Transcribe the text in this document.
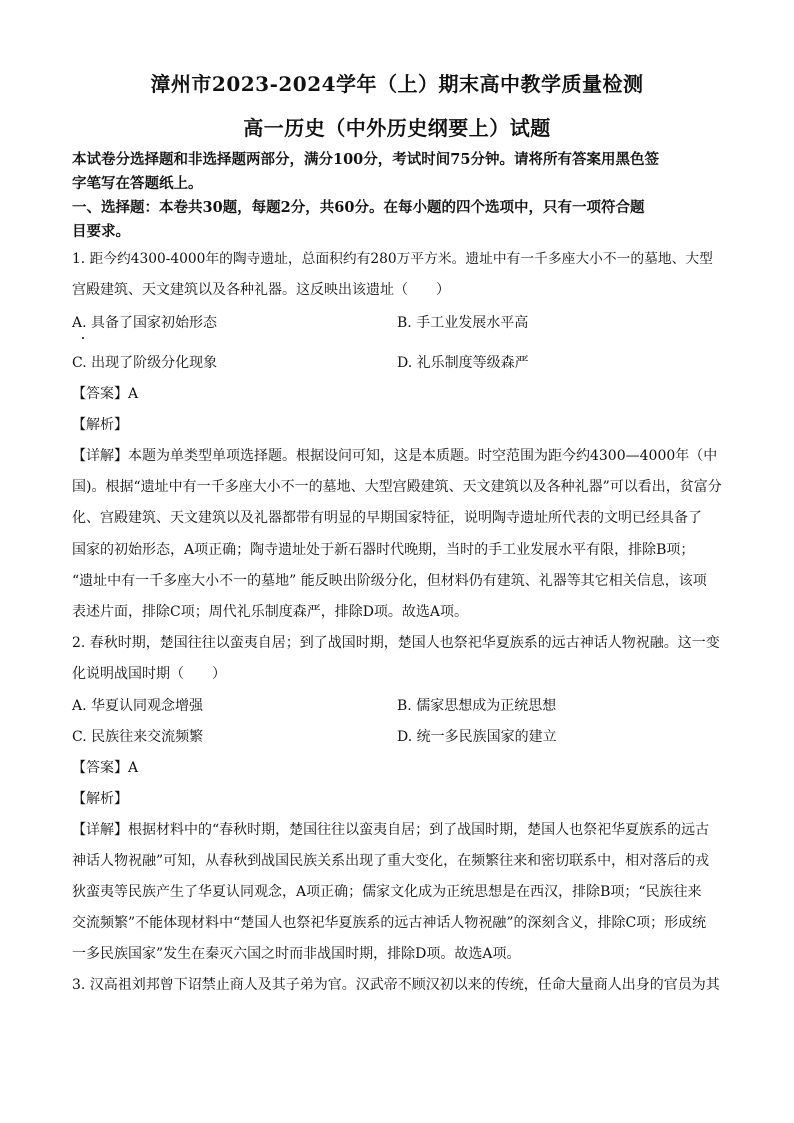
漳州市2023-2024学年（上）期末高中教学质量检测
高一历史（中外历史纲要上）试题
本试卷分选择题和非选择题两部分，满分100分，考试时间75分钟。请将所有答案用黑色签
字笔写在答题纸上。
一、选择题：本卷共30题，每题2分，共60分。在每小题的四个选项中，只有一项符合题
目要求。
1. 距今约4300-4000年的陶寺遗址，总面积约有280万平方米。遗址中有一千多座大小不一的墓地、大型
宫殿建筑、天文建筑以及各种礼器。这反映出该遗址（　　）
A. 具备了国家初始形态	B. 手工业发展水平高
C. 出现了阶级分化现象	D. 礼乐制度等级森严
【答案】A
【解析】
【详解】本题为单类型单项选择题。根据设问可知，这是本质题。时空范围为距今约4300—4000年（中
国)。根据“遗址中有一千多座大小不一的墓地、大型宫殿建筑、天文建筑以及各种礼器”可以看出，贫富分
化、宫殿建筑、天文建筑以及礼器都带有明显的早期国家特征，说明陶寺遗址所代表的文明已经具备了
国家的初始形态，A项正确；陶寺遗址处于新石器时代晚期，当时的手工业发展水平有限，排除B项；
“遗址中有一千多座大小不一的墓地” 能反映出阶级分化，但材料仍有建筑、礼器等其它相关信息，该项
表述片面，排除C项；周代礼乐制度森严，排除D项。故选A项。
2. 春秋时期，楚国往往以蛮夷自居；到了战国时期，楚国人也祭祀华夏族系的远古神话人物祝融。这一变
化说明战国时期（　　）
A. 华夏认同观念增强	B. 儒家思想成为正统思想
C. 民族往来交流频繁	D. 统一多民族国家的建立
【答案】A
【解析】
【详解】根据材料中的“春秋时期，楚国往往以蛮夷自居；到了战国时期，楚国人也祭祀华夏族系的远古
神话人物祝融”可知，从春秋到战国民族关系出现了重大变化，在频繁往来和密切联系中，相对落后的戎
狄蛮夷等民族产生了华夏认同观念，A项正确；儒家文化成为正统思想是在西汉，排除B项；“民族往来
交流频繁”不能体现材料中“楚国人也祭祀华夏族系的远古神话人物祝融”的深刻含义，排除C项；形成统
一多民族国家”发生在秦灭六国之时而非战国时期，排除D项。故选A项。
3. 汉高祖刘邦曾下诏禁止商人及其子弟为官。汉武帝不顾汉初以来的传统，任命大量商人出身的官员为其
